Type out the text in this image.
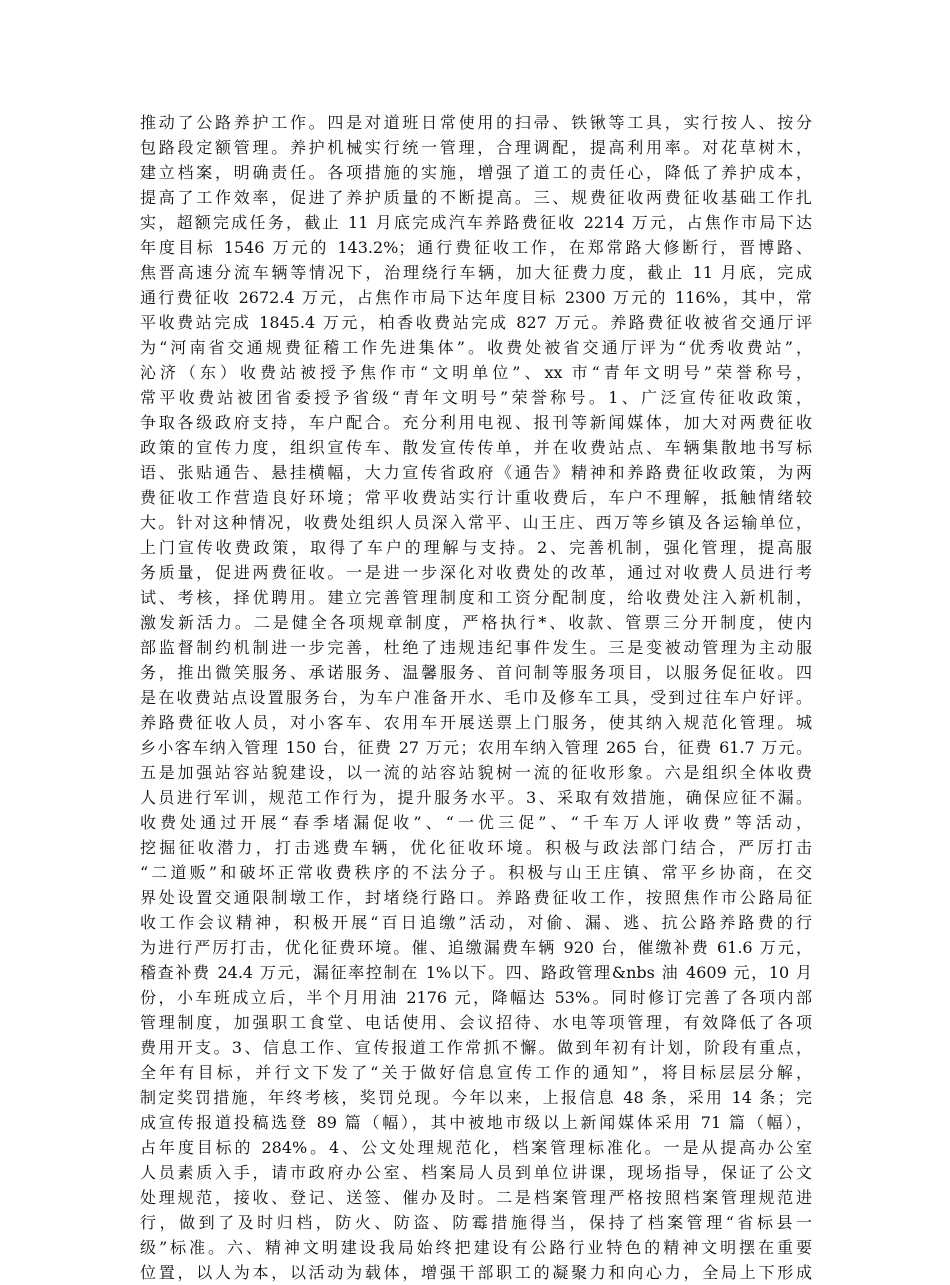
推动了公路养护工作。四是对道班日常使用的扫帚、铁锹等工具，实行按人、按分
包路段定额管理。养护机械实行统一管理，合理调配，提高利用率。对花草树木，
建立档案，明确责任。各项措施的实施，增强了道工的责任心，降低了养护成本，
提高了工作效率，促进了养护质量的不断提高。三、规费征收两费征收基础工作扎
实，超额完成任务，截止 11 月底完成汽车养路费征收 2214 万元，占焦作市局下达
年度目标 1546 万元的 143.2%；通行费征收工作，在郑常路大修断行，晋博路、
焦晋高速分流车辆等情况下，治理绕行车辆，加大征费力度，截止 11 月底，完成
通行费征收 2672.4 万元，占焦作市局下达年度目标 2300 万元的 116%，其中，常
平收费站完成 1845.4 万元，柏香收费站完成 827 万元。养路费征收被省交通厅评
为“河南省交通规费征稽工作先进集体”。收费处被省交通厅评为“优秀收费站”，
沁济（东）收费站被授予焦作市“文明单位”、xx 市“青年文明号”荣誉称号，
常平收费站被团省委授予省级“青年文明号”荣誉称号。1、广泛宣传征收政策，
争取各级政府支持，车户配合。充分利用电视、报刊等新闻媒体，加大对两费征收
政策的宣传力度，组织宣传车、散发宣传传单，并在收费站点、车辆集散地书写标
语、张贴通告、悬挂横幅，大力宣传省政府《通告》精神和养路费征收政策，为两
费征收工作营造良好环境；常平收费站实行计重收费后，车户不理解，抵触情绪较
大。针对这种情况，收费处组织人员深入常平、山王庄、西万等乡镇及各运输单位，
上门宣传收费政策，取得了车户的理解与支持。2、完善机制，强化管理，提高服
务质量，促进两费征收。一是进一步深化对收费处的改革，通过对收费人员进行考
试、考核，择优聘用。建立完善管理制度和工资分配制度，给收费处注入新机制，
激发新活力。二是健全各项规章制度，严格执行*、收款、管票三分开制度，使内
部监督制约机制进一步完善，杜绝了违规违纪事件发生。三是变被动管理为主动服
务，推出微笑服务、承诺服务、温馨服务、首问制等服务项目，以服务促征收。四
是在收费站点设置服务台，为车户准备开水、毛巾及修车工具，受到过往车户好评。
养路费征收人员，对小客车、农用车开展送票上门服务，使其纳入规范化管理。城
乡小客车纳入管理 150 台，征费 27 万元；农用车纳入管理 265 台，征费 61.7 万元。
五是加强站容站貌建设，以一流的站容站貌树一流的征收形象。六是组织全体收费
人员进行军训，规范工作行为，提升服务水平。3、采取有效措施，确保应征不漏。
收费处通过开展“春季堵漏促收”、“一优三促”、“千车万人评收费”等活动，
挖掘征收潜力，打击逃费车辆，优化征收环境。积极与政法部门结合，严厉打击
“二道贩”和破坏正常收费秩序的不法分子。积极与山王庄镇、常平乡协商，在交
界处设置交通限制墩工作，封堵绕行路口。养路费征收工作，按照焦作市公路局征
收工作会议精神，积极开展“百日追缴”活动，对偷、漏、逃、抗公路养路费的行
为进行严厉打击，优化征费环境。催、追缴漏费车辆 920 台，催缴补费 61.6 万元，
稽查补费 24.4 万元，漏征率控制在 1%以下。四、路政管理&nbs 油 4609 元，10 月
份，小车班成立后，半个月用油 2176 元，降幅达 53%。同时修订完善了各项内部
管理制度，加强职工食堂、电话使用、会议招待、水电等项管理，有效降低了各项
费用开支。3、信息工作、宣传报道工作常抓不懈。做到年初有计划，阶段有重点，
全年有目标，并行文下发了“关于做好信息宣传工作的通知”，将目标层层分解，
制定奖罚措施，年终考核，奖罚兑现。今年以来，上报信息 48 条，采用 14 条；完
成宣传报道投稿选登 89 篇（幅），其中被地市级以上新闻媒体采用 71 篇（幅），
占年度目标的 284%。4、公文处理规范化，档案管理标准化。一是从提高办公室
人员素质入手，请市政府办公室、档案局人员到单位讲课，现场指导，保证了公文
处理规范，接收、登记、送签、催办及时。二是档案管理严格按照档案管理规范进
行，做到了及时归档，防火、防盗、防霉措施得当，保持了档案管理“省标县一
级”标准。六、精神文明建设我局始终把建设有公路行业特色的精神文明摆在重要
位置，以人为本，以活动为载体，增强干部职工的凝聚力和向心力，全局上下形成
